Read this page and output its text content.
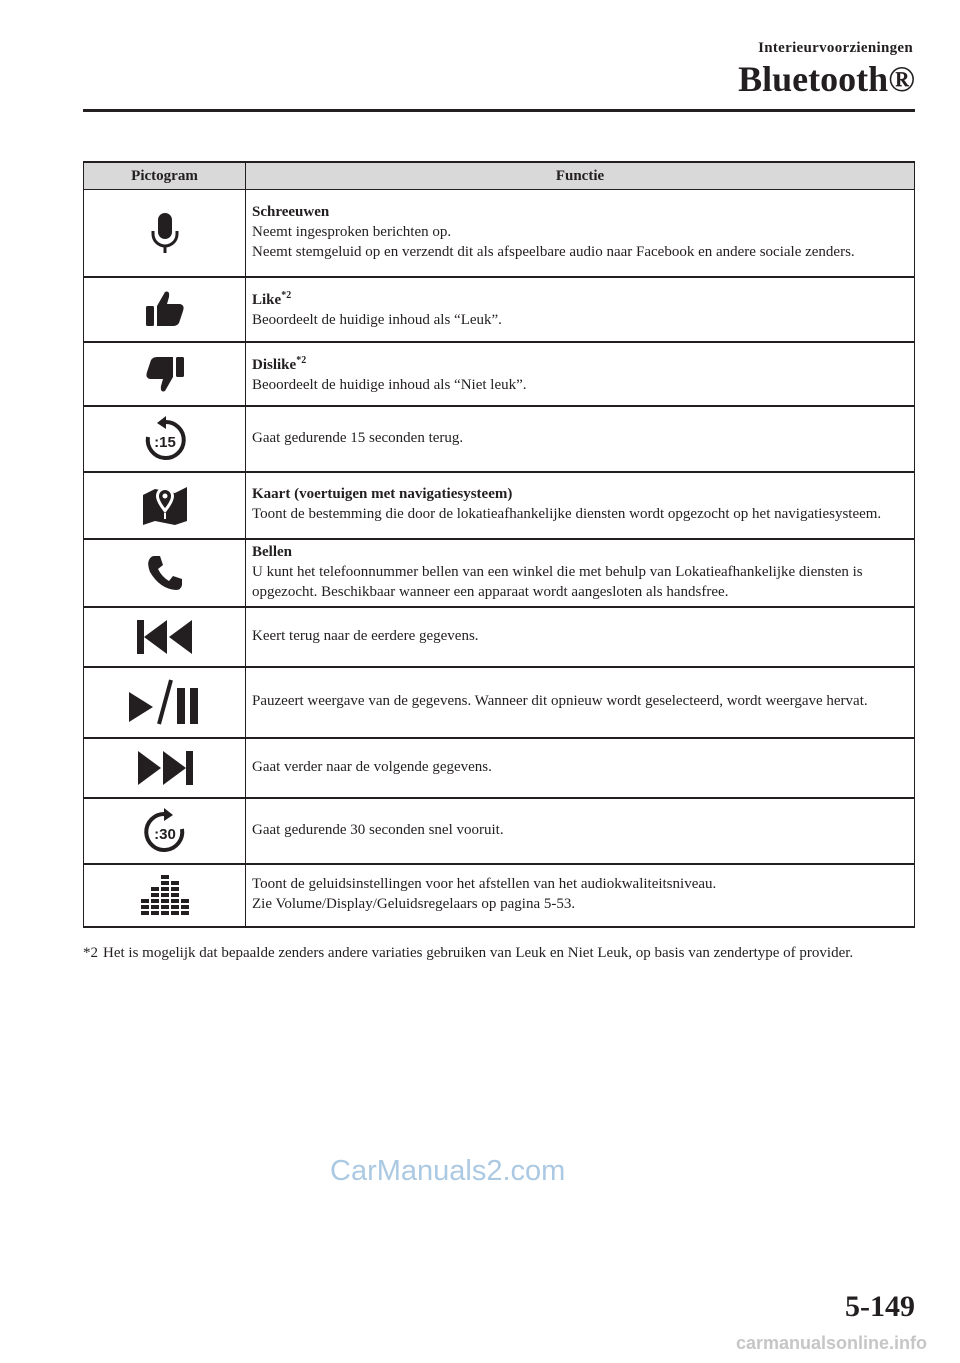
Interieurvoorzieningen
Bluetooth®
Pictogram	Functie

Schreeuwen
Neemt ingesproken berichten op.
Neemt stemgeluid op en verzendt dit als afspeelbare audio naar Facebook en andere sociale zenders.

Like$^{*2}$
Beoordeelt de huidige inhoud als “Leuk”.

Dislike$^{*2}$
Beoordeelt de huidige inhoud als “Niet leuk”.

:15	Gaat gedurende 15 seconden terug.

Kaart (voertuigen met navigatiesysteem)
Toont de bestemming die door de lokatieafhankelijke diensten wordt opgezocht op het navigatiesysteem.

Bellen
U kunt het telefoonnummer bellen van een winkel die met behulp van Lokatieafhankelijke diensten is opgezocht. Beschikbaar wanneer een apparaat wordt aangesloten als handsfree.

Keert terug naar de eerdere gegevens.

Pauzeert weergave van de gegevens. Wanneer dit opnieuw wordt geselecteerd, wordt weergave hervat.

Gaat verder naar de volgende gegevens.

:30	Gaat gedurende 30 seconden snel vooruit.

Toont de geluidsinstellingen voor het afstellen van het audiokwaliteitsniveau.
Zie Volume/Display/Geluidsregelaars op pagina 5-53.
*2 Het is mogelijk dat bepaalde zenders andere variaties gebruiken van Leuk en Niet Leuk, op basis van zendertype of provider.
CarManuals2.com
5-149
carmanualsonline.info
